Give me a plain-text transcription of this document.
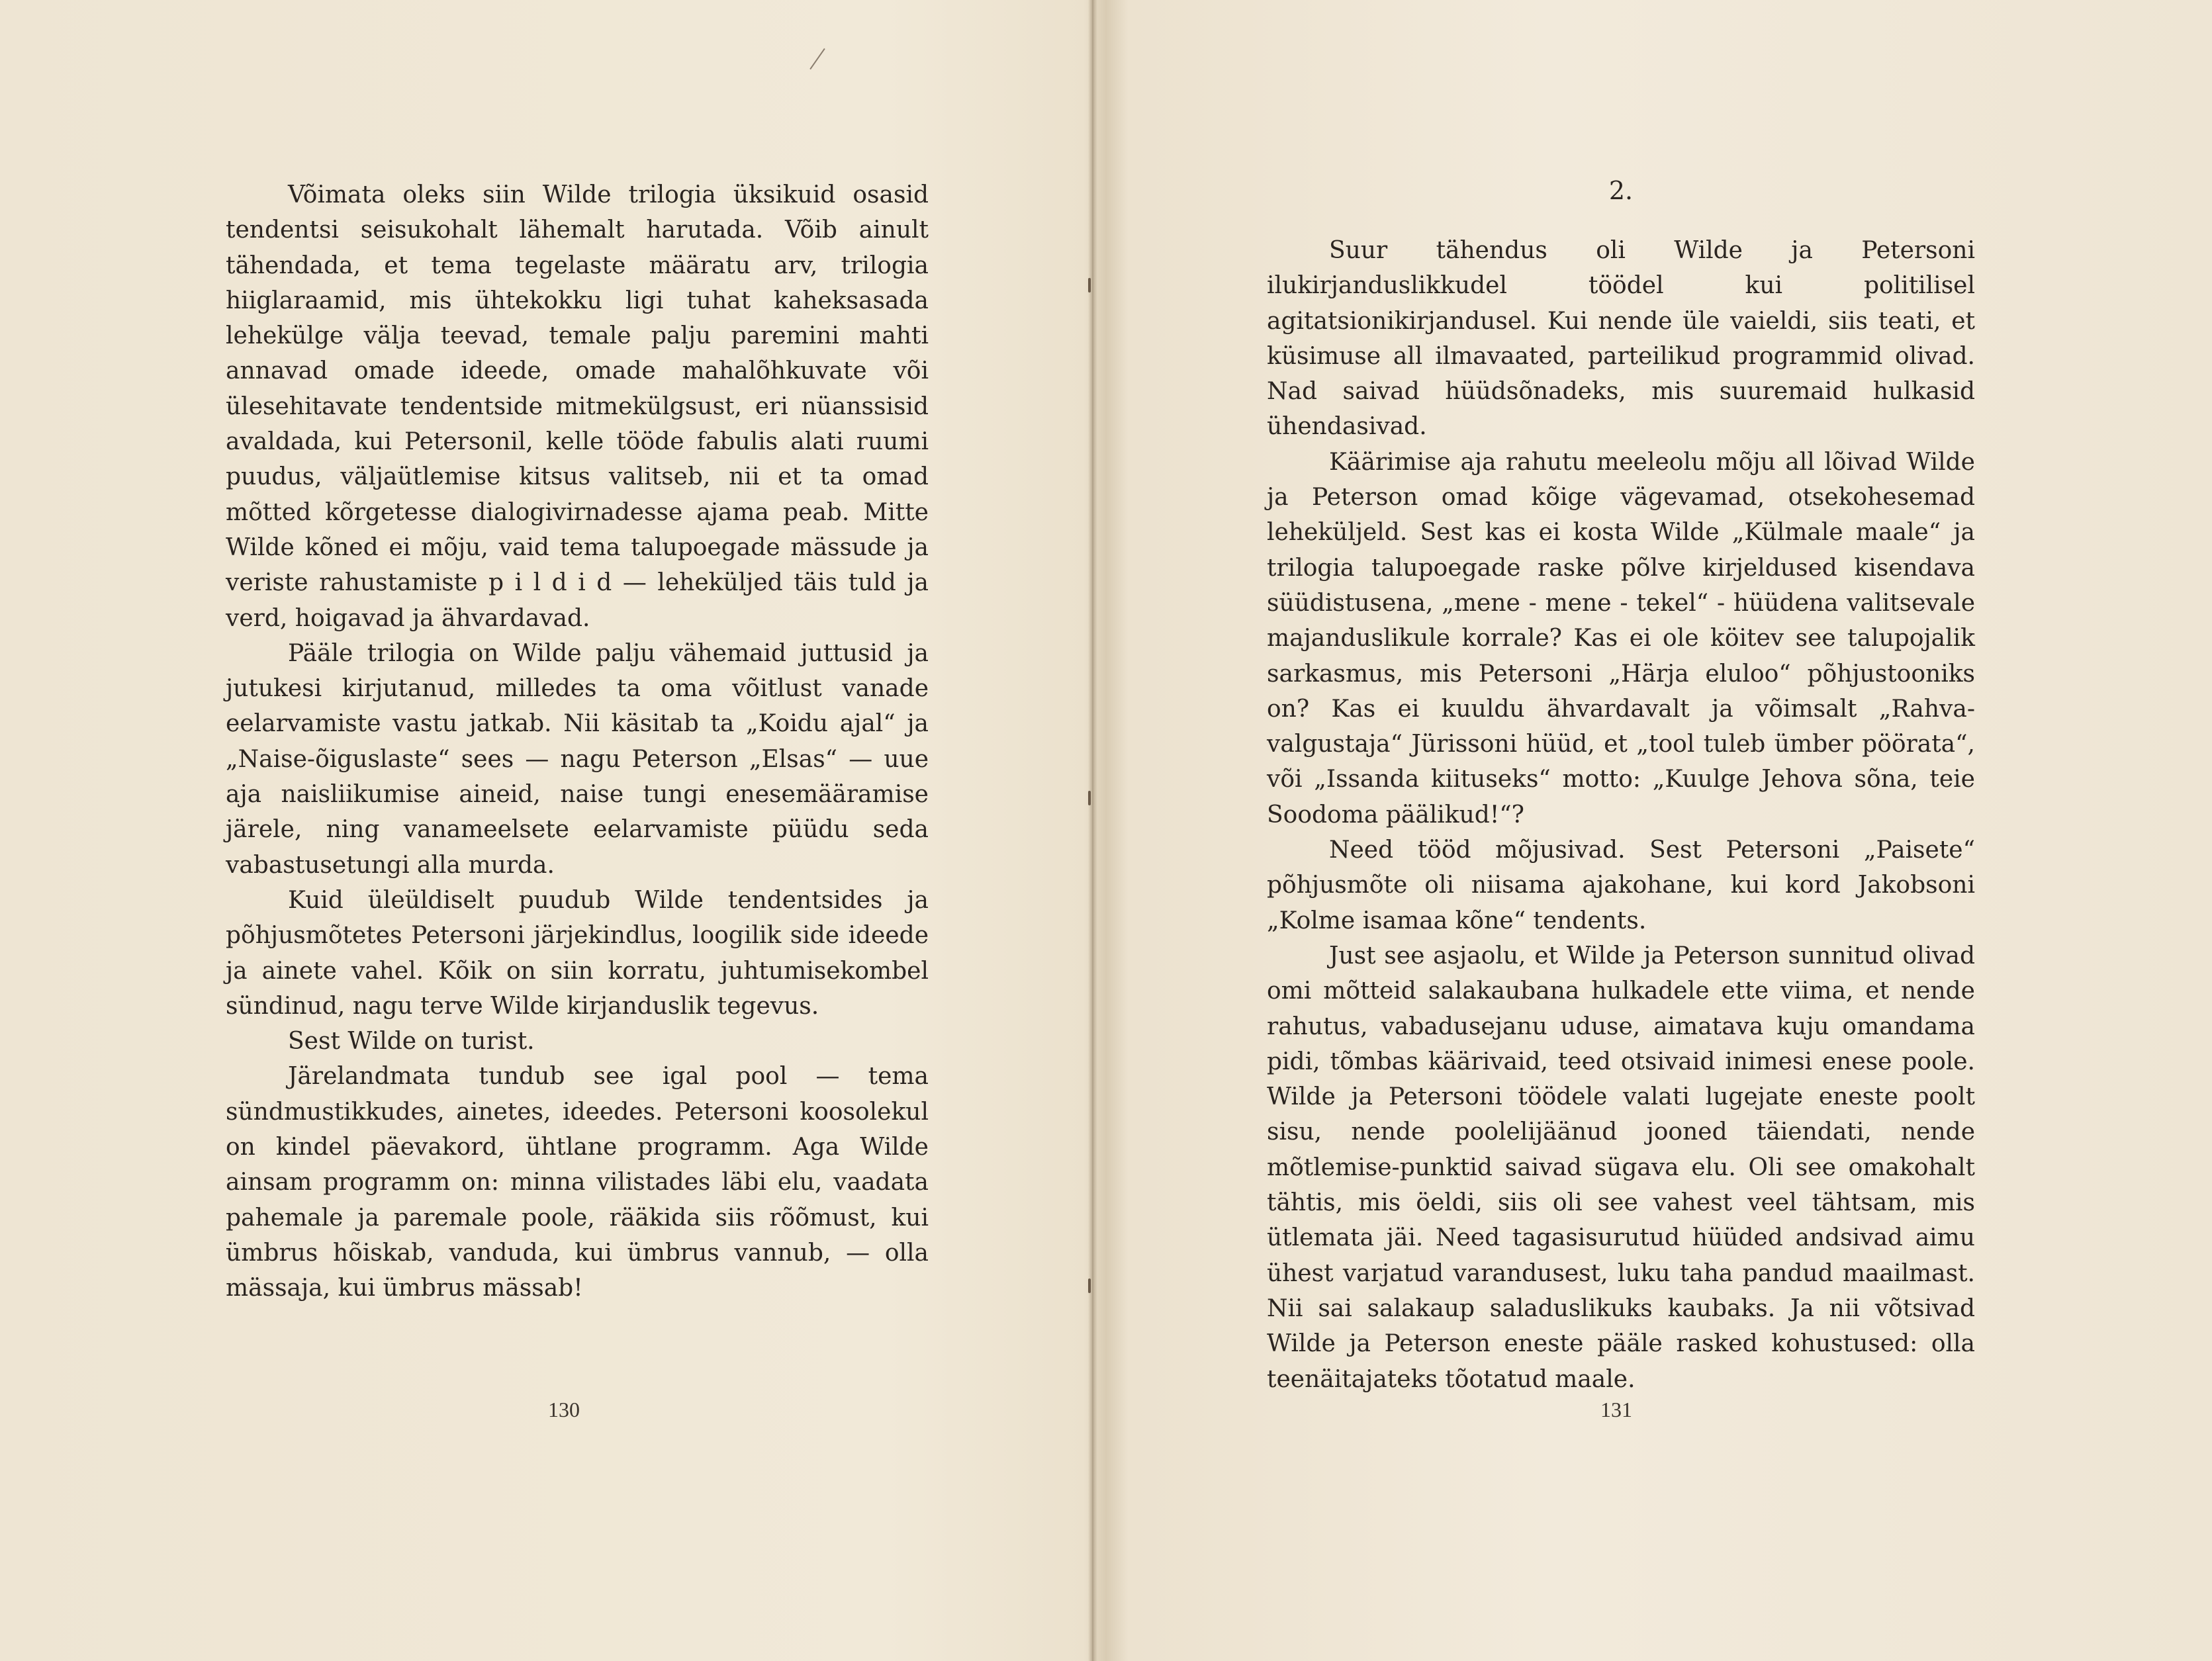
Võimata oleks siin Wilde trilogia üksikuid osasid tendentsi seisukohalt lähemalt harutada. Võib ainult tähendada, et tema tegelaste määratu arv, trilogia hiiglaraamid, mis ühtekokku ligi tuhat kaheksasada lehekülge välja teevad, temale palju paremini mahti annavad omade ideede, omade mahalõhkuvate või ülesehitavate tendentside mitmekülgsust, eri nüanssisid avaldada, kui Petersonil, kelle tööde fabulis alati ruumi puudus, väljaütlemise kitsus valitseb, nii et ta omad mõtted kõrgetesse dialogivirnadesse ajama peab. Mitte Wilde kõned ei mõju, vaid tema talupoegade mässude ja veriste rahustamiste p i l d i d — leheküljed täis tuld ja verd, hoigavad ja ähvardavad.

Pääle trilogia on Wilde palju vähemaid juttusid ja jutukesi kirjutanud, milledes ta oma võitlust vanade eelarvamiste vastu jatkab. Nii käsitab ta „Koidu ajal“ ja „Naise-õiguslaste“ sees — nagu Peterson „Elsas“ — uue aja naisliikumise aineid, naise tungi enesemääramise järele, ning vanameelsete eelarvamiste püüdu seda vabastusetungi alla murda.

Kuid üleüldiselt puudub Wilde tendentsides ja põhjusmõtetes Petersoni järjekindlus, loogilik side ideede ja ainete vahel. Kõik on siin korratu, juhtumisekombel sündinud, nagu terve Wilde kirjanduslik tegevus.

Sest Wilde on turist.

Järelandmata tundub see igal pool — tema sündmustikkudes, ainetes, ideedes. Petersoni koosolekul on kindel päevakord, ühtlane programm. Aga Wilde ainsam programm on: minna vilistades läbi elu, vaadata pahemale ja paremale poole, rääkida siis rõõmust, kui ümbrus hõiskab, vanduda, kui ümbrus vannub, — olla mässaja, kui ümbrus mässab!

130
2.

Suur tähendus oli Wilde ja Petersoni ilukirjanduslikkudel töödel kui politilisel agitatsionikirjandusel. Kui nende üle vaieldi, siis teati, et küsimuse all ilmavaated, parteilikud programmid olivad. Nad saivad hüüdsõnadeks, mis suuremaid hulkasid ühendasivad.

Käärimise aja rahutu meeleolu mõju all lõivad Wilde ja Peterson omad kõige vägevamad, otsekohesemad leheküljeld. Sest kas ei kosta Wilde „Külmale maale“ ja trilogia talupoegade raske põlve kirjeldused kisendava süüdistusena, „mene - mene - tekel“ - hüüdena valitsevale majanduslikule korrale? Kas ei ole köitev see talupojalik sarkasmus, mis Petersoni „Härja eluloo“ põhjustooniks on? Kas ei kuuldu ähvardavalt ja võimsalt „Rahva-valgustaja“ Jürissoni hüüd, et „tool tuleb ümber pöörata“, või „Issanda kiituseks“ motto: „Kuulge Jehova sõna, teie Soodoma päälikud!“?

Need tööd mõjusivad. Sest Petersoni „Paisete“ põhjusmõte oli niisama ajakohane, kui kord Jakobsoni „Kolme isamaa kõne“ tendents.

Just see asjaolu, et Wilde ja Peterson sunnitud olivad omi mõtteid salakaubana hulkadele ette viima, et nende rahutus, vabadusejanu uduse, aimatava kuju omandama pidi, tõmbas käärivaid, teed otsivaid inimesi enese poole. Wilde ja Petersoni töödele valati lugejate eneste poolt sisu, nende poolelijäänud jooned täiendati, nende mõtlemise-punktid saivad sügava elu. Oli see omakohalt tähtis, mis öeldi, siis oli see vahest veel tähtsam, mis ütlemata jäi. Need tagasisurutud hüüded andsivad aimu ühest varjatud varandusest, luku taha pandud maailmast. Nii sai salakaup saladuslikuks kaubaks. Ja nii võtsivad Wilde ja Peterson eneste pääle rasked kohustused: olla teenäitajateks tõotatud maale.

131
